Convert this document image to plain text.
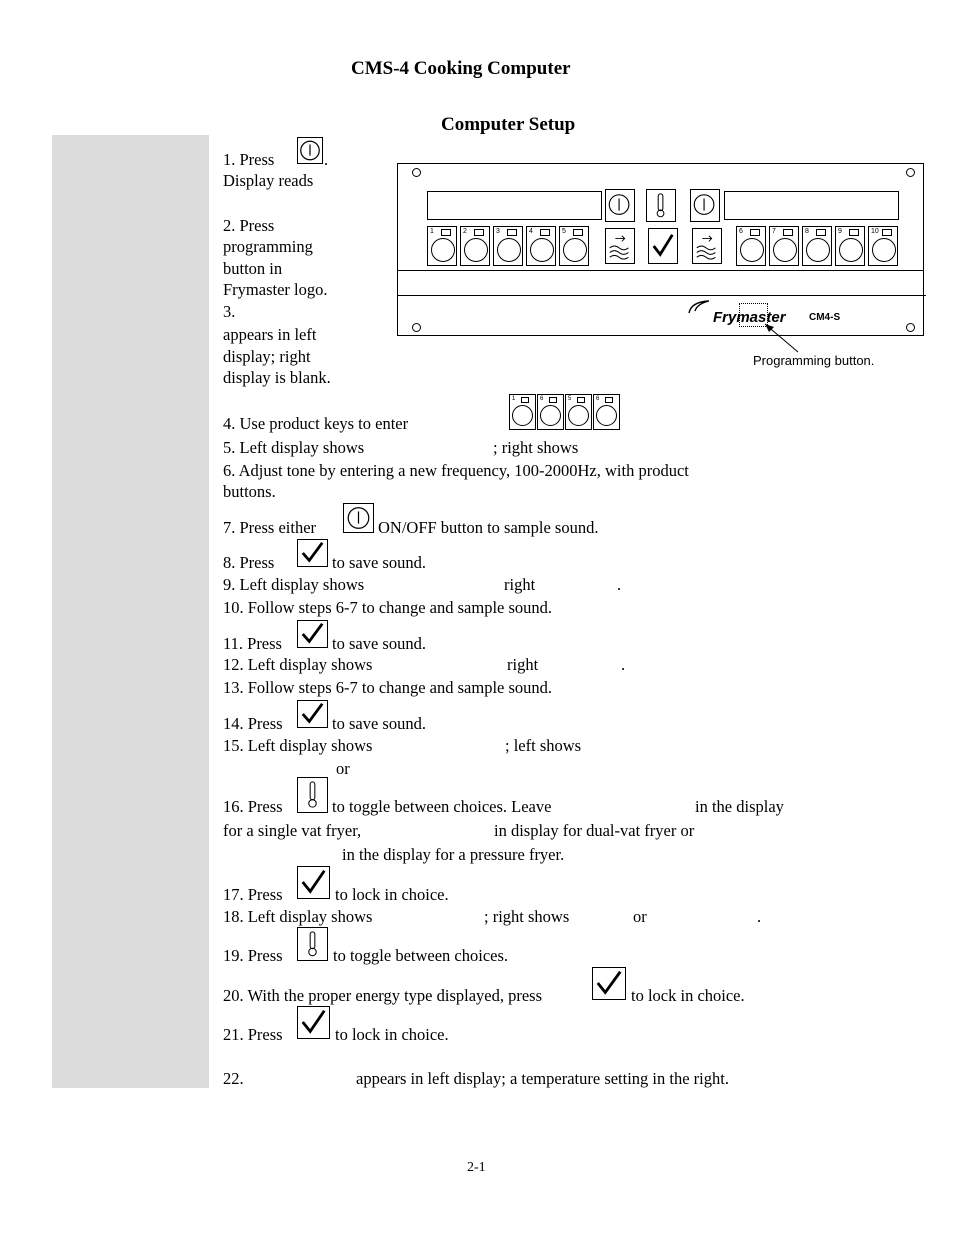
CMS-4 Cooking Computer
Computer Setup
1. Press	.
Display reads
2. Press
programming
button in
Frymaster logo.
3.
appears in left
display; right
display is blank.
1	2	3	4	5	6	7	8	9	10
Frymaster CM4-S
Programming button.
4. Use product keys to enter
1	6	5	6
5. Left display shows	; right shows
6. Adjust tone by entering a new frequency, 100-2000Hz, with product
buttons.
7. Press either	ON/OFF button to sample sound.
8. Press	to save sound.
9. Left display shows	right	.
10. Follow steps 6-7 to change and sample sound.
11. Press	to save sound.
12. Left display shows	right	.
13. Follow steps 6-7 to change and sample sound.
14. Press	to save sound.
15. Left display shows	; left shows
or
16. Press	to toggle between choices. Leave	in the display
for a single vat fryer,	in display for dual-vat fryer or
in the display for a pressure fryer.
17. Press	to lock in choice.
18. Left display shows	; right shows	or	.
19. Press	to toggle between choices.
20. With the proper energy type displayed, press	to lock in choice.
21. Press	to lock in choice.
22.	appears in left display; a temperature setting in the right.
2-1
